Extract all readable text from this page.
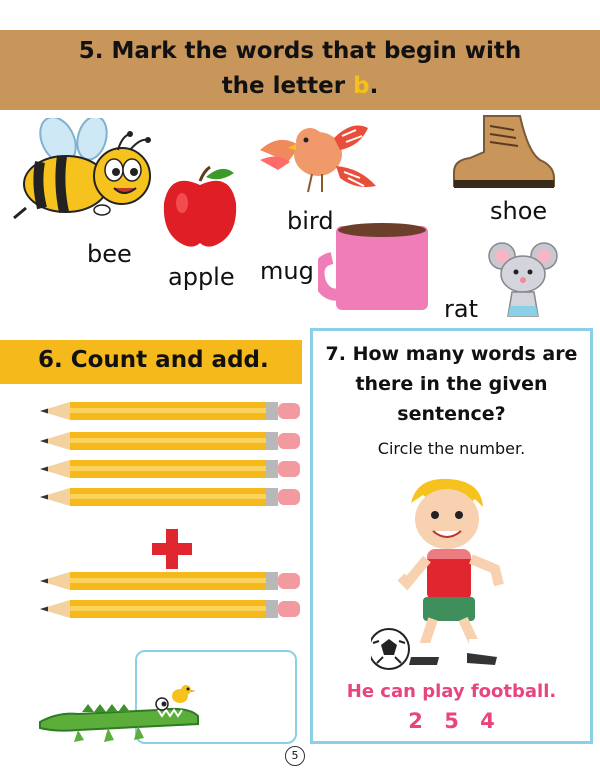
5. Mark the words that begin with
the letter b.
bee
apple
bird
mug
shoe
rat
6. Count and add.	7. How many words are there in the given sentence?
Circle the number.
He can play football.
2 5 4
5
